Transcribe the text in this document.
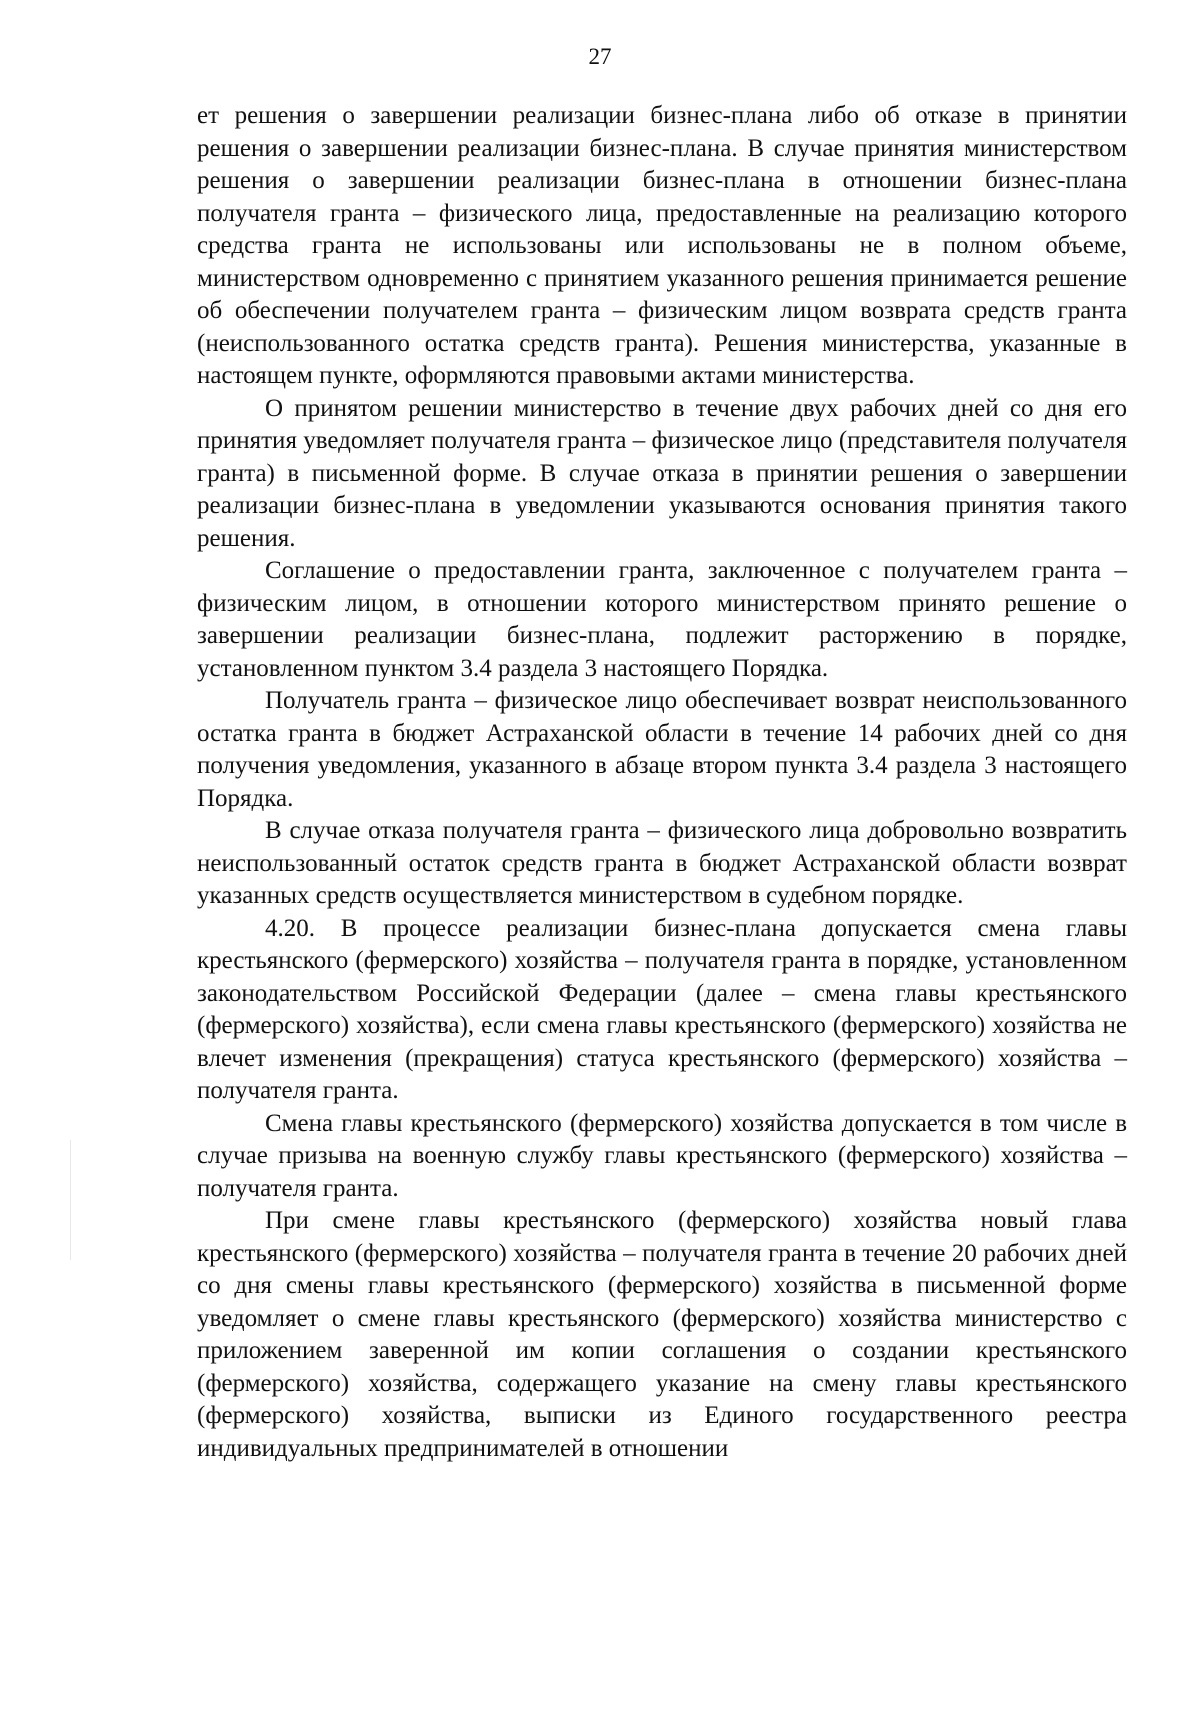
27

ет решения о завершении реализации бизнес-плана либо об отказе в принятии решения о завершении реализации бизнес-плана. В случае принятия министерством решения о завершении реализации бизнес-плана в отношении бизнес-плана получателя гранта – физического лица, предоставленные на реализацию которого средства гранта не использованы или использованы не в полном объеме, министерством одновременно с принятием указанного решения принимается решение об обеспечении получателем гранта – физическим лицом возврата средств гранта (неиспользованного остатка средств гранта). Решения министерства, указанные в настоящем пункте, оформляются правовыми актами министерства.

О принятом решении министерство в течение двух рабочих дней со дня его принятия уведомляет получателя гранта – физическое лицо (представителя получателя гранта) в письменной форме. В случае отказа в принятии решения о завершении реализации бизнес-плана в уведомлении указываются основания принятия такого решения.

Соглашение о предоставлении гранта, заключенное с получателем гранта – физическим лицом, в отношении которого министерством принято решение о завершении реализации бизнес-плана, подлежит расторжению в порядке, установленном пунктом 3.4 раздела 3 настоящего Порядка.

Получатель гранта – физическое лицо обеспечивает возврат неиспользованного остатка гранта в бюджет Астраханской области в течение 14 рабочих дней со дня получения уведомления, указанного в абзаце втором пункта 3.4 раздела 3 настоящего Порядка.

В случае отказа получателя гранта – физического лица добровольно возвратить неиспользованный остаток средств гранта в бюджет Астраханской области возврат указанных средств осуществляется министерством в судебном порядке.

4.20. В процессе реализации бизнес-плана допускается смена главы крестьянского (фермерского) хозяйства – получателя гранта в порядке, установленном законодательством Российской Федерации (далее – смена главы крестьянского (фермерского) хозяйства), если смена главы крестьянского (фермерского) хозяйства не влечет изменения (прекращения) статуса крестьянского (фермерского) хозяйства – получателя гранта.

Смена главы крестьянского (фермерского) хозяйства допускается в том числе в случае призыва на военную службу главы крестьянского (фермерского) хозяйства – получателя гранта.

При смене главы крестьянского (фермерского) хозяйства новый глава крестьянского (фермерского) хозяйства – получателя гранта в течение 20 рабочих дней со дня смены главы крестьянского (фермерского) хозяйства в письменной форме уведомляет о смене главы крестьянского (фермерского) хозяйства министерство с приложением заверенной им копии соглашения о создании крестьянского (фермерского) хозяйства, содержащего указание на смену главы крестьянского (фермерского) хозяйства, выписки из Единого государственного реестра индивидуальных предпринимателей в отношении
